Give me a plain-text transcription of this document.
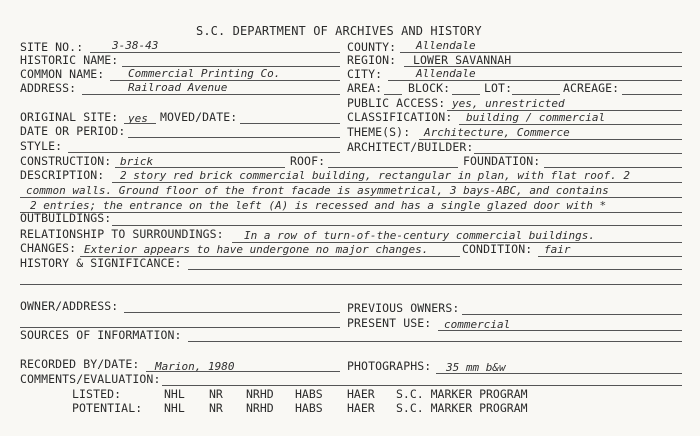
S.C. DEPARTMENT OF ARCHIVES AND HISTORY
SITE NO.:	3-38-43	COUNTY: Allendale
HISTORIC NAME:	REGION: LOWER SAVANNAH
COMMON NAME: Commercial Printing Co.	CITY:	Allendale
ADDRESS:	Railroad Avenue	AREA: BLOCK:	LOT:	ACREAGE:
PUBLIC ACCESS: yes, unrestricted
ORIGINAL SITE: yes MOVED/DATE:	CLASSIFICATION: building / commercial
DATE OR PERIOD:	THEME(S): Architecture, Commerce
STYLE:	ARCHITECT/BUILDER:
CONSTRUCTION: brick	ROOF:	FOUNDATION:
DESCRIPTION: 2 story red brick commercial building, rectangular in plan, with flat roof. 2
common walls. Ground floor of the front facade is asymmetrical, 3 bays-ABC, and contains
2 entries; the entrance on the left (A) is recessed and has a single glazed door with *
OUTBUILDINGS:
RELATIONSHIP TO SURROUNDINGS: In a row of turn-of-the-century commercial buildings.
CHANGES: Exterior appears to have undergone no major changes.	CONDITION: fair
HISTORY & SIGNIFICANCE:
OWNER/ADDRESS:	PREVIOUS OWNERS:
PRESENT USE: commercial
SOURCES OF INFORMATION:
RECORDED BY/DATE: Marion, 1980	PHOTOGRAPHS: 35 mm b&w
COMMENTS/EVALUATION:
LISTED:	NHL NR NRHD HABS HAER S.C. MARKER PROGRAM
POTENTIAL: NHL NR NRHD HABS HAER S.C. MARKER PROGRAM
